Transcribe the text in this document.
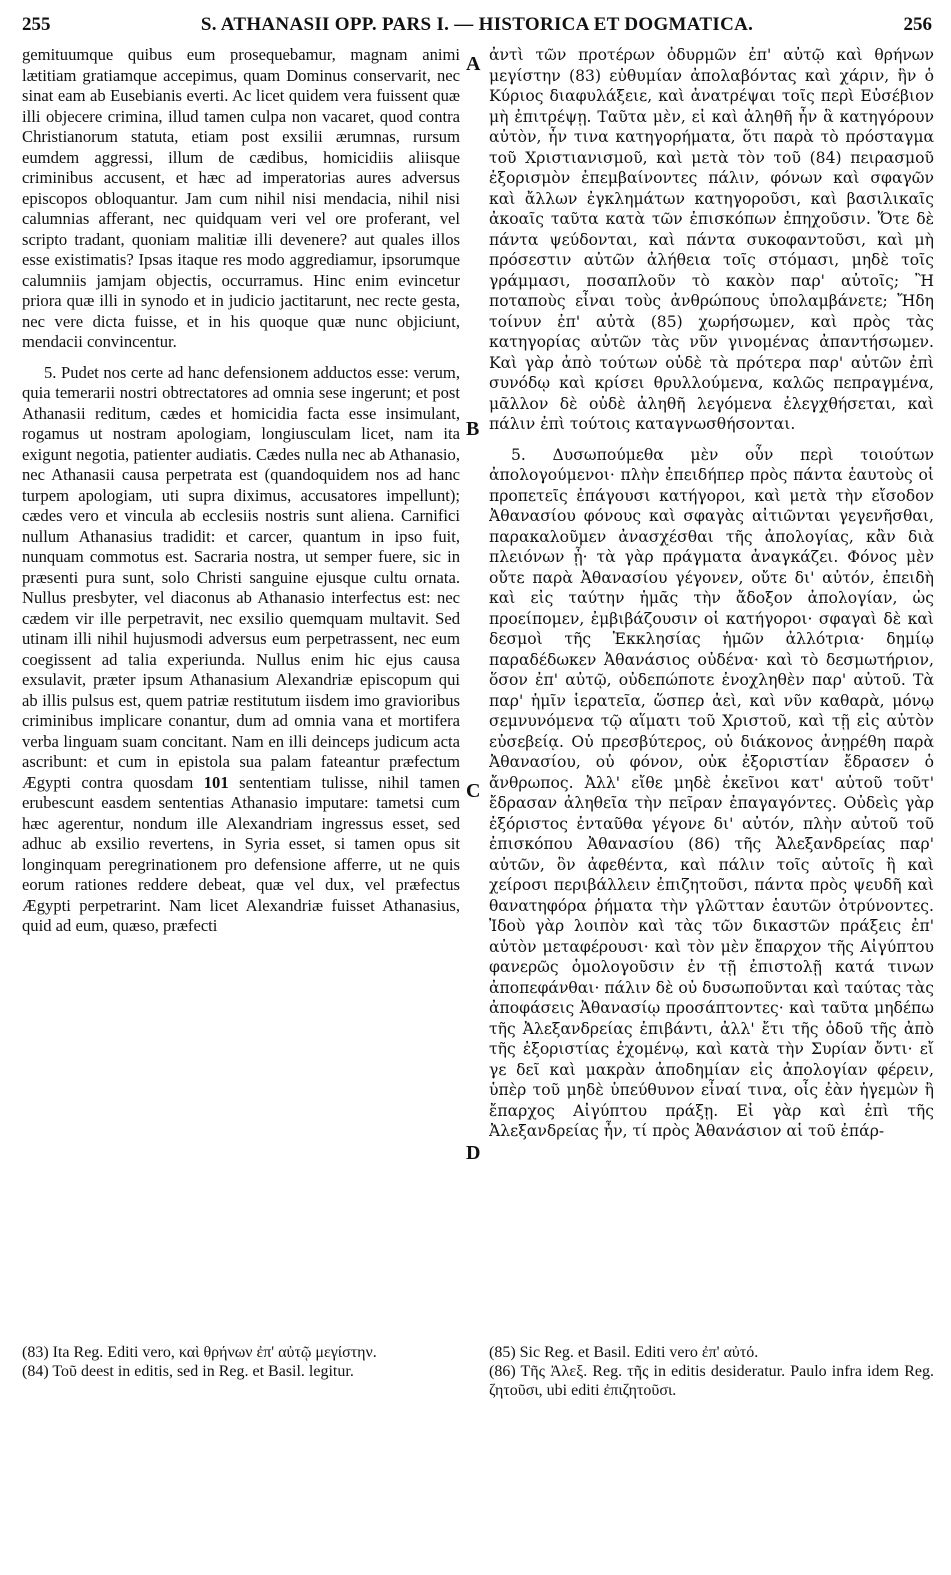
255	S. ATHANASII OPP. PARS I. — HISTORICA ET DOGMATICA.	256

gemituumque quibus eum prosequebamur, magnam animi lætitiam gratiamque accepimus, quam Dominus conservarit, nec sinat eam ab Eusebianis everti. Ac licet quidem vera fuissent quæ illi objecere crimina, illud tamen culpa non vacaret, quod contra Christianorum statuta, etiam post exsilii ærumnas, rursum eumdem aggressi, illum de cædibus, homicidiis aliisque criminibus accusent, et hæc ad imperatorias aures adversus episcopos obloquantur. Jam cum nihil nisi mendacia, nihil nisi calumnias afferant, nec quidquam veri vel ore proferant, vel scripto tradant, quoniam malitiæ illi devenere? aut quales illos esse existimatis? Ipsas itaque res modo aggrediamur, ipsorumque calumniis jamjam objectis, occurramus. Hinc enim evincetur priora quæ illi in synodo et in judicio jactitarunt, nec recte gesta, nec vere dicta fuisse, et in his quoque quæ nunc objiciunt, mendacii convincentur.

5. Pudet nos certe ad hanc defensionem adductos esse: verum, quia temerarii nostri obtrectatores ad omnia sese ingerunt; et post Athanasii reditum, cædes et homicidia facta esse insimulant, rogamus ut nostram apologiam, longiusculam licet, nam ita exigunt negotia, patienter audiatis. Cædes nulla nec ab Athanasio, nec Athanasii causa perpetrata est (quandoquidem nos ad hanc turpem apologiam, uti supra diximus, accusatores impellunt); cædes vero et vincula ab ecclesiis nostris sunt aliena. Carnifici nullum Athanasius tradidit: et carcer, quantum in ipso fuit, nunquam commotus est. Sacraria nostra, ut semper fuere, sic in præsenti pura sunt, solo Christi sanguine ejusque cultu ornata. Nullus presbyter, vel diaconus ab Athanasio interfectus est: nec cædem vir ille perpetravit, nec exsilio quemquam multavit. Sed utinam illi nihil hujusmodi adversus eum perpetrassent, nec eum coegissent ad talia experiunda. Nullus enim hic ejus causa exsulavit, præter ipsum Athanasium Alexandriæ episcopum qui ab illis pulsus est, quem patriæ restitutum iisdem imo gravioribus criminibus implicare conantur, dum ad omnia vana et mortifera verba linguam suam concitant. Nam en illi deinceps judicum acta ascribunt: et cum in epistola sua palam fateantur præfectum Ægypti contra quosdam 101 sententiam tulisse, nihil tamen erubescunt easdem sententias Athanasio imputare: tametsi cum hæc agerentur, nondum ille Alexandriam ingressus esset, sed adhuc ab exsilio revertens, in Syria esset, si tamen opus sit longinquam peregrinationem pro defensione afferre, ut ne quis eorum rationes reddere debeat, quæ vel dux, vel præfectus Ægypti perpetrarint. Nam licet Alexandriæ fuisset Athanasius, quid ad eum, quæso, præfecti

A
B
C
D

ἀντὶ τῶν προτέρων ὀδυρμῶν ἐπ' αὐτῷ καὶ θρήνων μεγίστην (83) εὐθυμίαν ἀπολαβόντας καὶ χάριν, ἣν ὁ Κύριος διαφυλάξειε, καὶ ἀνατρέψαι τοῖς περὶ Εὐσέβιον μὴ ἐπιτρέψῃ. Ταῦτα μὲν, εἰ καὶ ἀληθῆ ἦν ἃ κατηγόρουν αὐτὸν, ἦν τινα κατηγορήματα, ὅτι παρὰ τὸ πρόσταγμα τοῦ Χριστιανισμοῦ, καὶ μετὰ τὸν τοῦ (84) πειρασμοῦ ἐξορισμὸν ἐπεμβαίνοντες πάλιν, φόνων καὶ σφαγῶν καὶ ἄλλων ἐγκλημάτων κατηγοροῦσι, καὶ βασιλικαῖς ἀκοαῖς ταῦτα κατὰ τῶν ἐπισκόπων ἐπηχοῦσιν. Ὅτε δὲ πάντα ψεύδονται, καὶ πάντα συκοφαντοῦσι, καὶ μὴ πρόσεστιν αὐτῶν ἀλήθεια τοῖς στόμασι, μηδὲ τοῖς γράμμασι, ποσαπλοῦν τὸ κακὸν παρ' αὐτοῖς; Ἢ ποταποὺς εἶναι τοὺς ἀνθρώπους ὑπολαμβάνετε; Ἤδη τοίνυν ἐπ' αὐτὰ (85) χωρήσωμεν, καὶ πρὸς τὰς κατηγορίας αὐτῶν τὰς νῦν γινομένας ἀπαντήσωμεν. Καὶ γὰρ ἀπὸ τούτων οὐδὲ τὰ πρότερα παρ' αὐτῶν ἐπὶ συνόδῳ καὶ κρίσει θρυλλούμενα, καλῶς πεπραγμένα, μᾶλλον δὲ οὐδὲ ἀληθῆ λεγόμενα ἐλεγχθήσεται, καὶ πάλιν ἐπὶ τούτοις καταγνωσθήσονται.

5. Δυσωπούμεθα μὲν οὖν περὶ τοιούτων ἀπολογούμενοι· πλὴν ἐπειδήπερ πρὸς πάντα ἑαυτοὺς οἱ προπετεῖς ἐπάγουσι κατήγοροι, καὶ μετὰ τὴν εἴσοδον Ἀθανασίου φόνους καὶ σφαγὰς αἰτιῶνται γεγενῆσθαι, παρακαλοῦμεν ἀνασχέσθαι τῆς ἀπολογίας, κἂν διὰ πλειόνων ᾖ· τὰ γὰρ πράγματα ἀναγκάζει. Φόνος μὲν οὔτε παρὰ Ἀθανασίου γέγονεν, οὔτε δι' αὐτόν, ἐπειδὴ καὶ εἰς ταύτην ἡμᾶς τὴν ἄδοξον ἀπολογίαν, ὡς προείπομεν, ἐμβιβάζουσιν οἱ κατήγοροι· σφαγαὶ δὲ καὶ δεσμοὶ τῆς Ἐκκλησίας ἡμῶν ἀλλότρια· δημίῳ παραδέδωκεν Ἀθανάσιος οὐδένα· καὶ τὸ δεσμωτήριον, ὅσον ἐπ' αὐτῷ, οὐδεπώποτε ἐνοχληθὲν παρ' αὐτοῦ. Τὰ παρ' ἡμῖν ἱερατεῖα, ὥσπερ ἀεὶ, καὶ νῦν καθαρὰ, μόνῳ σεμνυνόμενα τῷ αἵματι τοῦ Χριστοῦ, καὶ τῇ εἰς αὐτὸν εὐσεβείᾳ. Οὐ πρεσβύτερος, οὐ διάκονος ἀνῃρέθη παρὰ Ἀθανασίου, οὐ φόνον, οὐκ ἐξοριστίαν ἔδρασεν ὁ ἄνθρωπος. Ἀλλ' εἴθε μηδὲ ἐκεῖνοι κατ' αὐτοῦ τοῦτ' ἔδρασαν ἀληθεῖα τὴν πεῖραν ἐπαγαγόντες. Οὐδεὶς γὰρ ἐξόριστος ἐνταῦθα γέγονε δι' αὐτόν, πλὴν αὐτοῦ τοῦ ἐπισκόπου Ἀθανασίου (86) τῆς Ἀλεξανδρείας παρ' αὐτῶν, ὃν ἀφεθέντα, καὶ πάλιν τοῖς αὐτοῖς ἢ καὶ χείροσι περιβάλλειν ἐπιζητοῦσι, πάντα πρὸς ψευδῆ καὶ θανατηφόρα ῥήματα τὴν γλῶτταν ἑαυτῶν ὀτρύνοντες. Ἰδοὺ γὰρ λοιπὸν καὶ τὰς τῶν δικαστῶν πράξεις ἐπ' αὐτὸν μεταφέρουσι· καὶ τὸν μὲν ἔπαρχον τῆς Αἰγύπτου φανερῶς ὁμολογοῦσιν ἐν τῇ ἐπιστολῇ κατά τινων ἀποπεφάνθαι· πάλιν δὲ οὐ δυσωποῦνται καὶ ταύτας τὰς ἀποφάσεις Ἀθανασίῳ προσάπτοντες· καὶ ταῦτα μηδέπω τῆς Ἀλεξανδρείας ἐπιβάντι, ἀλλ' ἔτι τῆς ὁδοῦ τῆς ἀπὸ τῆς ἐξοριστίας ἐχομένῳ, καὶ κατὰ τὴν Συρίαν ὄντι· εἴ γε δεῖ καὶ μακρὰν ἀποδημίαν εἰς ἀπολογίαν φέρειν, ὑπὲρ τοῦ μηδὲ ὑπεύθυνον εἶναί τινα, οἷς ἐὰν ἡγεμὼν ἢ ἔπαρχος Αἰγύπτου πράξῃ. Εἰ γὰρ καὶ ἐπὶ τῆς Ἀλεξανδρείας ἦν, τί πρὸς Ἀθανάσιον αἱ τοῦ ἐπάρ-

(83) Ita Reg. Editi vero, καὶ θρήνων ἐπ' αὐτῷ μεγίστην.

(84) Τοῦ deest in editis, sed in Reg. et Basil. legitur.

(85) Sic Reg. et Basil. Editi vero ἐπ' αὐτό.

(86) Τῆς Ἀλεξ. Reg. τῆς in editis desideratur. Paulo infra idem Reg. ζητοῦσι, ubi editi ἐπιζητοῦσι.
